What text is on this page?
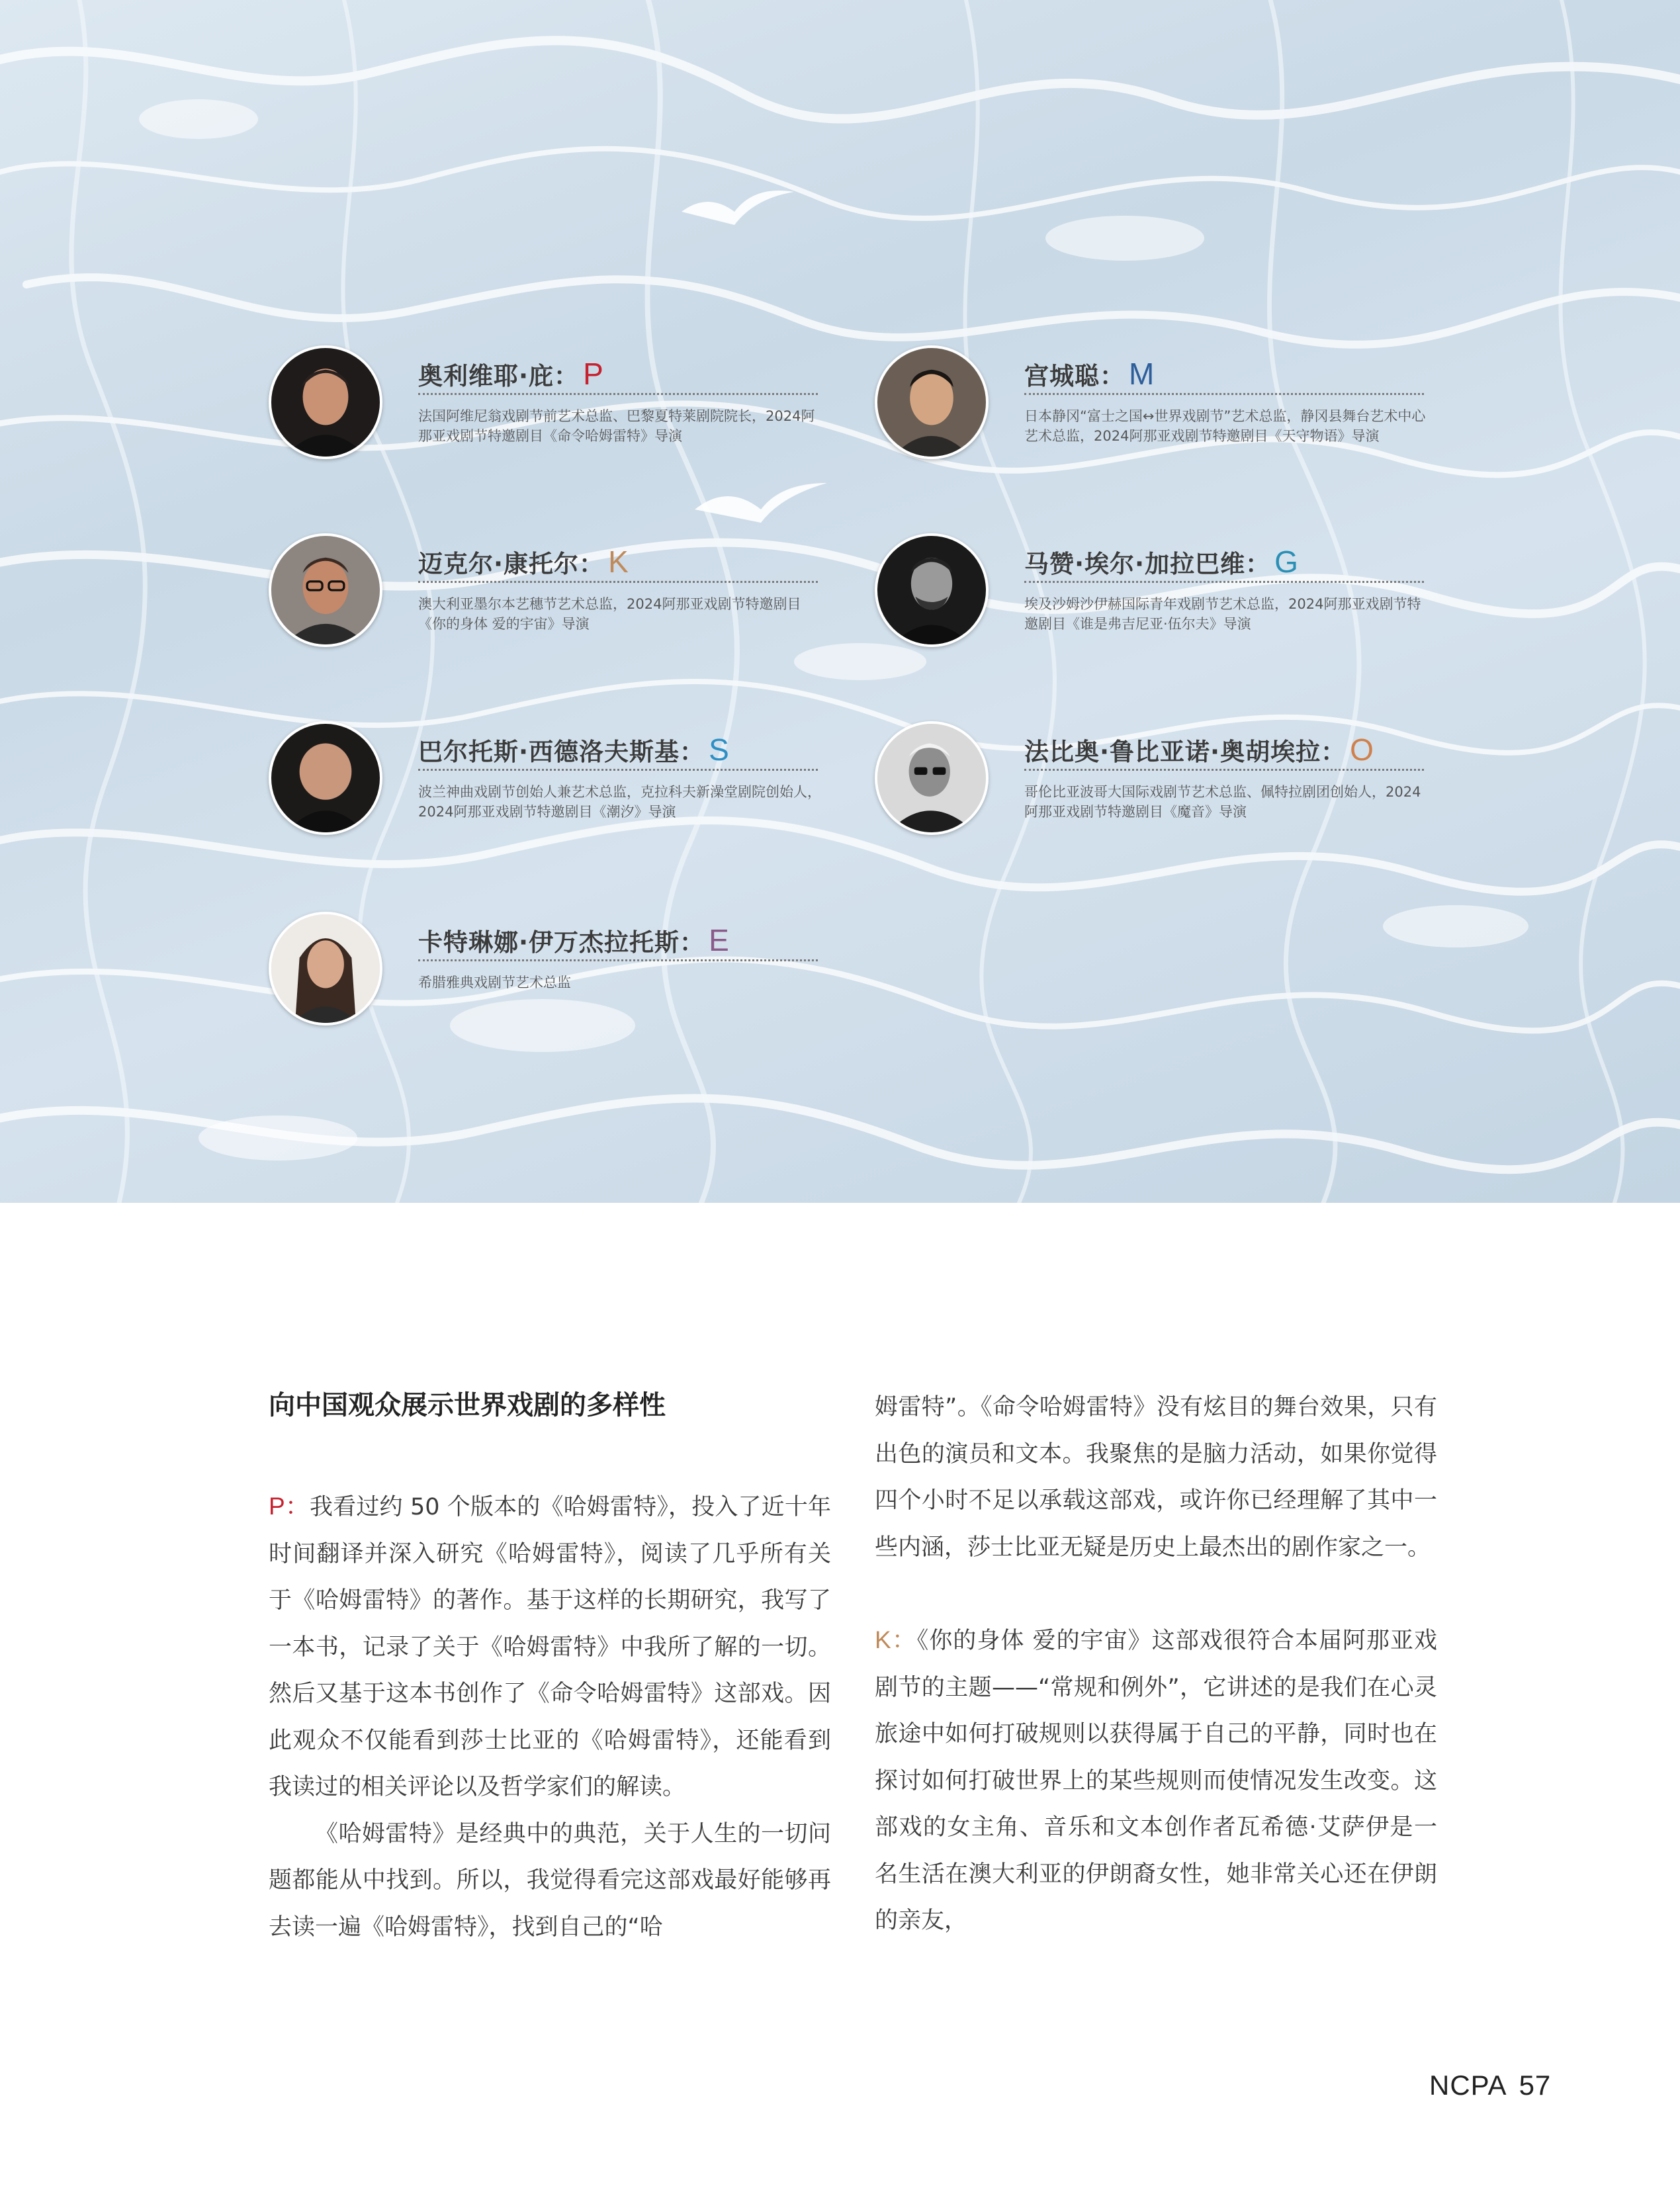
奥利维耶·庇： P
法国阿维尼翁戏剧节前艺术总监、巴黎夏特莱剧院院长，2024阿那亚戏剧节特邀剧目《命令哈姆雷特》导演
宫城聪： M
日本静冈“富士之国↔世界戏剧节”艺术总监，静冈县舞台艺术中心艺术总监，2024阿那亚戏剧节特邀剧目《天守物语》导演
迈克尔·康托尔： K
澳大利亚墨尔本艺穗节艺术总监，2024阿那亚戏剧节特邀剧目《你的身体 爱的宇宙》导演
马赞·埃尔·加拉巴维： G
埃及沙姆沙伊赫国际青年戏剧节艺术总监，2024阿那亚戏剧节特邀剧目《谁是弗吉尼亚·伍尔夫》导演
巴尔托斯·西德洛夫斯基： S
波兰神曲戏剧节创始人兼艺术总监，克拉科夫新澡堂剧院创始人，2024阿那亚戏剧节特邀剧目《潮汐》导演
法比奥·鲁比亚诺·奥胡埃拉： O
哥伦比亚波哥大国际戏剧节艺术总监、佩特拉剧团创始人，2024阿那亚戏剧节特邀剧目《魔音》导演
卡特琳娜·伊万杰拉托斯： E
希腊雅典戏剧节艺术总监
向中国观众展示世界戏剧的多样性

P：我看过约 50 个版本的《哈姆雷特》，投入了近十年时间翻译并深入研究《哈姆雷特》，阅读了几乎所有关于《哈姆雷特》的著作。基于这样的长期研究，我写了一本书，记录了关于《哈姆雷特》中我所了解的一切。然后又基于这本书创作了《命令哈姆雷特》这部戏。因此观众不仅能看到莎士比亚的《哈姆雷特》，还能看到我读过的相关评论以及哲学家们的解读。

《哈姆雷特》是经典中的典范，关于人生的一切问题都能从中找到。所以，我觉得看完这部戏最好能够再去读一遍《哈姆雷特》，找到自己的“哈

姆雷特”。《命令哈姆雷特》没有炫目的舞台效果，只有出色的演员和文本。我聚焦的是脑力活动，如果你觉得四个小时不足以承载这部戏，或许你已经理解了其中一些内涵，莎士比亚无疑是历史上最杰出的剧作家之一。

K：《你的身体 爱的宇宙》这部戏很符合本届阿那亚戏剧节的主题——“常规和例外”，它讲述的是我们在心灵旅途中如何打破规则以获得属于自己的平静，同时也在探讨如何打破世界上的某些规则而使情况发生改变。这部戏的女主角、音乐和文本创作者瓦希德·艾萨伊是一名生活在澳大利亚的伊朗裔女性，她非常关心还在伊朗的亲友，

NCPA 57
